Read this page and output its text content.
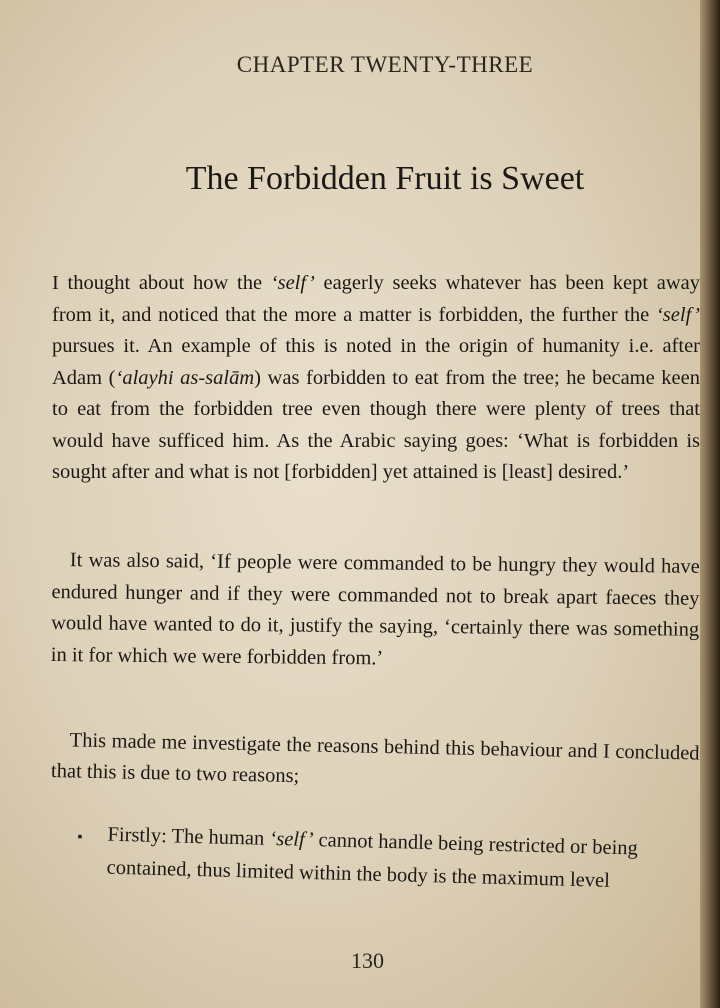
CHAPTER TWENTY-THREE
The Forbidden Fruit is Sweet

I thought about how the ‘self’ eagerly seeks whatever has been kept away from it, and noticed that the more a matter is forbidden, the further the ‘self’ pursues it. An example of this is noted in the origin of humanity i.e. after Adam (‘alayhi as-salām) was forbidden to eat from the tree; he became keen to eat from the forbidden tree even though there were plenty of trees that would have sufficed him. As the Arabic saying goes: ‘What is forbidden is sought after and what is not [forbidden] yet attained is [least] desired.’

It was also said, ‘If people were commanded to be hungry they would have endured hunger and if they were commanded not to break apart faeces they would have wanted to do it, justify the saying, ‘certainly there was something in it for which we were forbidden from.’

This made me investigate the reasons behind this behaviour and I concluded that this is due to two reasons;

▪	Firstly: The human ‘self’ cannot handle being restricted or being contained, thus limited within the body is the maximum level
130
